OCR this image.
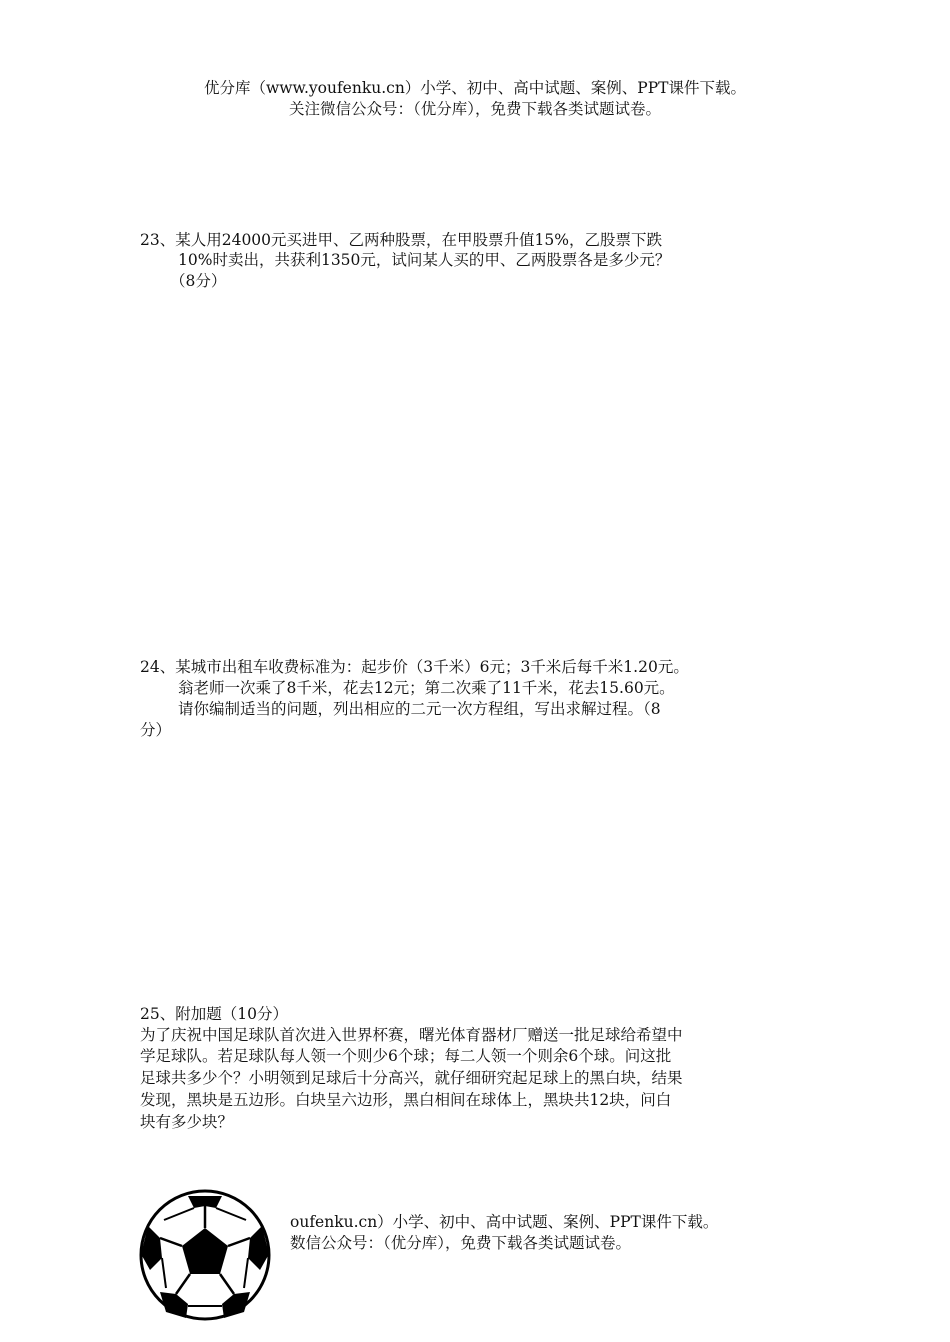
优分库（www.youfenku.cn）小学、初中、高中试题、案例、PPT课件下载。
关注微信公众号：（优分库），免费下载各类试题试卷。
23、某人用24000元买进甲、乙两种股票，在甲股票升值15%，乙股票下跌
10%时卖出，共获利1350元，试问某人买的甲、乙两股票各是多少元？
（8分）
24、某城市出租车收费标准为：起步价（3千米）6元；3千米后每千米1.20元。
翁老师一次乘了8千米，花去12元；第二次乘了11千米，花去15.60元。
请你编制适当的问题，列出相应的二元一次方程组，写出求解过程。（8
分）
25、附加题（10分）
为了庆祝中国足球队首次进入世界杯赛，曙光体育器材厂赠送一批足球给希望中
学足球队。若足球队每人领一个则少6个球；每二人领一个则余6个球。问这批
足球共多少个？小明领到足球后十分高兴，就仔细研究起足球上的黑白块，结果
发现，黑块是五边形。白块呈六边形，黑白相间在球体上，黑块共12块，问白
块有多少块？
oufenku.cn）小学、初中、高中试题、案例、PPT课件下载。
数信公众号：（优分库），免费下载各类试题试卷。
